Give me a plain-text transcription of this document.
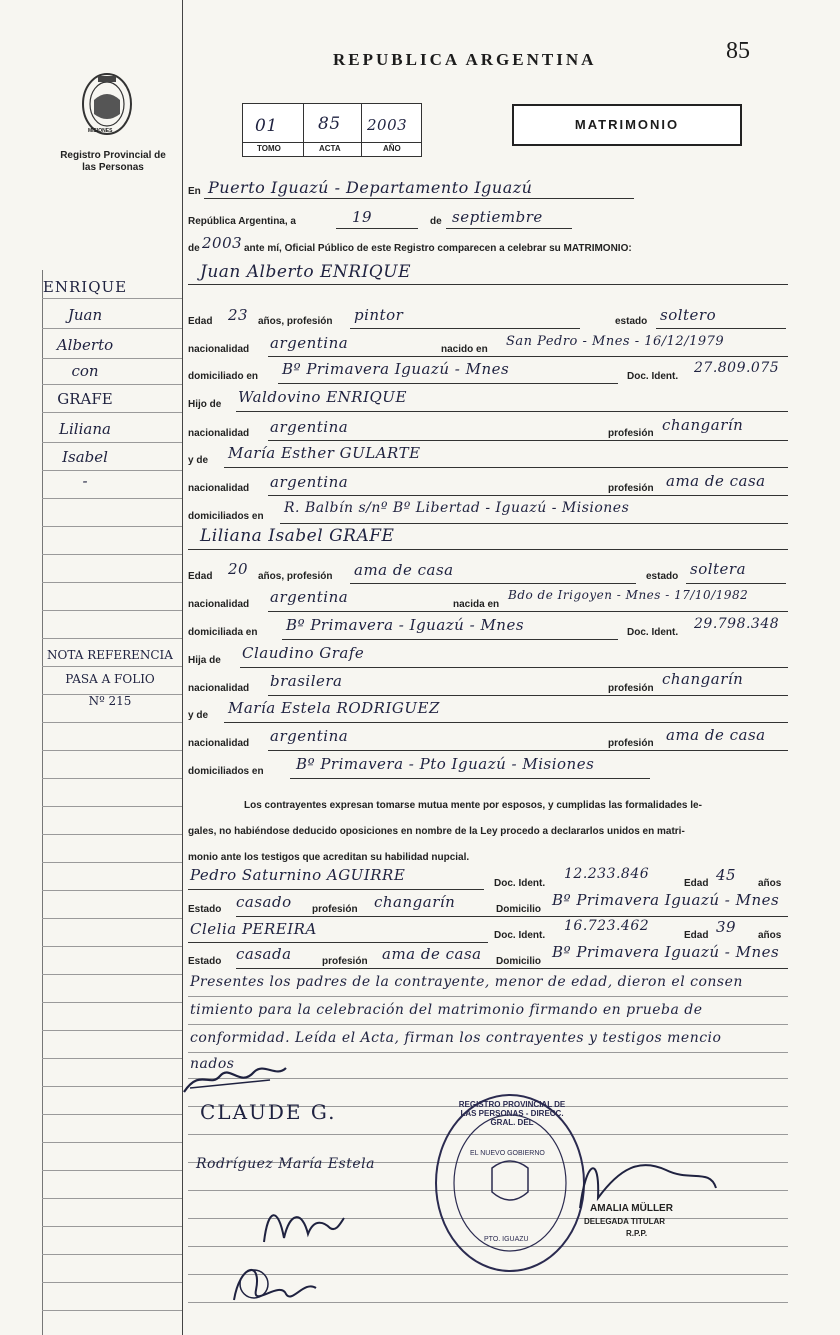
MISIONES
Registro Provincial de las Personas
REPUBLICA ARGENTINA	85
01 85 2003
TOMO	ACTA	AÑO
MATRIMONIO
En Puerto Iguazú - Departamento Iguazú
República Argentina, a	19	de septiembre
de 2003 ante mí, Oficial Público de este Registro comparecen a celebrar su MATRIMONIO:
ENRIQUE
Juan
Alberto
con
GRAFE
Liliana
Isabel
-
NOTA REFERENCIA
PASA A FOLIO
Nº 215
Juan Alberto ENRIQUE
Edad 23 años, profesión pintor	estado soltero
nacionalidad argentina	nacido en
San Pedro - Mnes - 16/12/1979
domiciliado en Bº Primavera Iguazú - Mnes	Doc. Ident.
27.809.075
Hijo de Waldovino ENRIQUE
nacionalidad argentina	profesión changarín
y de María Esther GULARTE
nacionalidad argentina	profesión ama de casa
domiciliados en
R. Balbín s/nº Bº Libertad - Iguazú - Misiones
Liliana Isabel GRAFE
Edad 20 años, profesión ama de casa	estado soltera
nacionalidad argentina	nacida en
Bdo de Irigoyen - Mnes - 17/10/1982
domiciliada en Bº Primavera - Iguazú - Mnes	Doc. Ident.
29.798.348
Hija de Claudino Grafe
nacionalidad brasilera	profesión
changarín
y de María Estela RODRIGUEZ
nacionalidad argentina	profesión ama de casa
domiciliados en Bº Primavera - Pto Iguazú - Misiones
Los contrayentes expresan tomarse mutua mente por esposos, y cumplidas las formalidades le-
gales, no habiéndose deducido oposiciones en nombre de la Ley procedo a declararlos unidos en matri-
monio ante los testigos que acreditan su habilidad nupcial.
Pedro Saturnino AGUIRRE	Doc. Ident.
12.233.846
Edad 45 años
Estado casado profesión changarín	Domicilio
Bº Primavera Iguazú - Mnes
Clelia PEREIRA	Doc. Ident.
16.723.462
Edad 39 años
Estado casada	profesión ama de casa Domicilio
Bº Primavera Iguazú - Mnes
Presentes los padres de la contrayente, menor de edad, dieron el consen
timiento para la celebración del matrimonio firmando en prueba de
conformidad. Leída el Acta, firman los contrayentes y testigos mencio
nados
CLAUDE G.
Rodríguez María Estela
REGISTRO PROVINCIAL DE LAS PERSONAS - DIRECC. GRAL. DEL
EL NUEVO GOBIERNO
PTO. IGUAZU
AMALIA MÜLLER
DELEGADA TITULAR
R.P.P.
